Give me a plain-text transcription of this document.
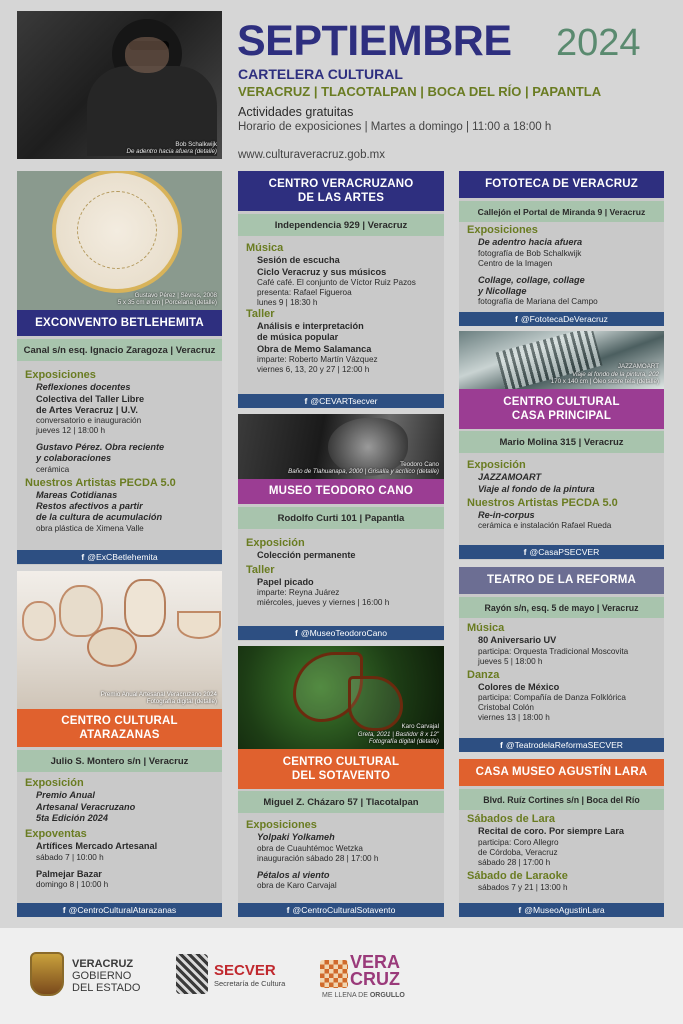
Bob Schalkwijk
De adentro hacia afuera (detalle)
SEPTIEMBRE 2024
CARTELERA CULTURAL
VERACRUZ | TLACOTALPAN | BOCA DEL RÍO | PAPANTLA
Actividades gratuitas
Horario de exposiciones | Martes a domingo | 11:00 a 18:00 h
www.culturaveracruz.gob.mx
Gustavo Pérez | Sèvres, 2008
5 x 35 cm ø cm | Porcelana (detalle)
EXCONVENTO BETLEHEMITA
Canal s/n esq. Ignacio Zaragoza | Veracruz
Exposiciones
Reflexiones docentes
Colectiva del Taller Libre
de Artes Veracruz | U.V.
conversatorio e inauguración
jueves 12 | 18:00 h
Gustavo Pérez. Obra reciente
y colaboraciones
cerámica
Nuestros Artistas PECDA 5.0
Mareas Cotidianas
Restos afectivos a partir
de la cultura de acumulación
obra plástica de Ximena Valle
f @ExCBetlehemita
Premio Anual Artesanal Veracruzano 2024
Fotografía digital (detalle)
CENTRO CULTURAL
ATARAZANAS
Julio S. Montero s/n | Veracruz
Exposición
Premio Anual
Artesanal Veracruzano
5ta Edición 2024
Expoventas
Artífices Mercado Artesanal
sábado 7 | 10:00 h
Palmejar Bazar
domingo 8 | 10:00 h
f @CentroCulturalAtarazanas
CENTRO VERACRUZANO
DE LAS ARTES
Independencia 929 | Veracruz
Música
Sesión de escucha
Ciclo Veracruz y sus músicos
Café café. El conjunto de Víctor Ruiz Pazos
presenta: Rafael Figueroa
lunes 9 | 18:30 h
Taller
Análisis e interpretación
de música popular
Obra de Memo Salamanca
imparte: Roberto Martín Vázquez
viernes 6, 13, 20 y 27 | 12:00 h
f @CEVARTsecver
Teodoro Cano
Baño de Tlahuanapa, 2000 | Grisalla y acrílico (detalle)
MUSEO TEODORO CANO
Rodolfo Curti 101 | Papantla
Exposición
Colección permanente
Taller
Papel picado
imparte: Reyna Juárez
miércoles, jueves y viernes | 16:00 h
f @MuseoTeodoroCano
Karo Carvajal
Greta, 2021 | Bastidor 8 x 12"
Fotografía digital (detalle)
CENTRO CULTURAL
DEL SOTAVENTO
Miguel Z. Cházaro 57 | Tlacotalpan
Exposiciones
Yolpaki Yolkameh
obra de Cuauhtémoc Wetzka
inauguración sábado 28 | 17:00 h
Pétalos al viento
obra de Karo Carvajal
f @CentroCulturalSotavento
FOTOTECA DE VERACRUZ
Callejón el Portal de Miranda 9 | Veracruz
Exposiciones
De adentro hacia afuera
fotografía de Bob Schalkwijk
Centro de la Imagen
Collage, collage, collage
y Nicollage
fotografía de Mariana del Campo
f @FototecaDeVeracruz
JAZZAMOART
Viaje al fondo de la pintura, 202
170 x 140 cm | Óleo sobre tela (detalle)
CENTRO CULTURAL
CASA PRINCIPAL
Mario Molina 315 | Veracruz
Exposición
JAZZAMOART
Viaje al fondo de la pintura
Nuestros Artistas PECDA 5.0
Re-in-corpus
cerámica e instalación Rafael Rueda
f @CasaPSECVER
TEATRO DE LA REFORMA
Rayón s/n, esq. 5 de mayo | Veracruz
Música
80 Aniversario UV
participa: Orquesta Tradicional Moscovita
jueves 5 | 18:00 h
Danza
Colores de México
participa: Compañía de Danza Folklórica
Cristobal Colón
viernes 13 | 18:00 h
f @TeatrodelaReformaSECVER
CASA MUSEO AGUSTÍN LARA
Blvd. Ruíz Cortines s/n | Boca del Río
Sábados de Lara
Recital de coro. Por siempre Lara
participa: Coro Allegro
de Córdoba, Veracruz
sábado 28 | 17:00 h
Sábado de Laraoke
sábados 7 y 21 | 13:00 h
f @MuseoAgustinLara
VERACRUZ
GOBIERNO
DEL ESTADO
SECVER
Secretaría de Cultura
VERA
CRUZ
ME LLENA DE ORGULLO
